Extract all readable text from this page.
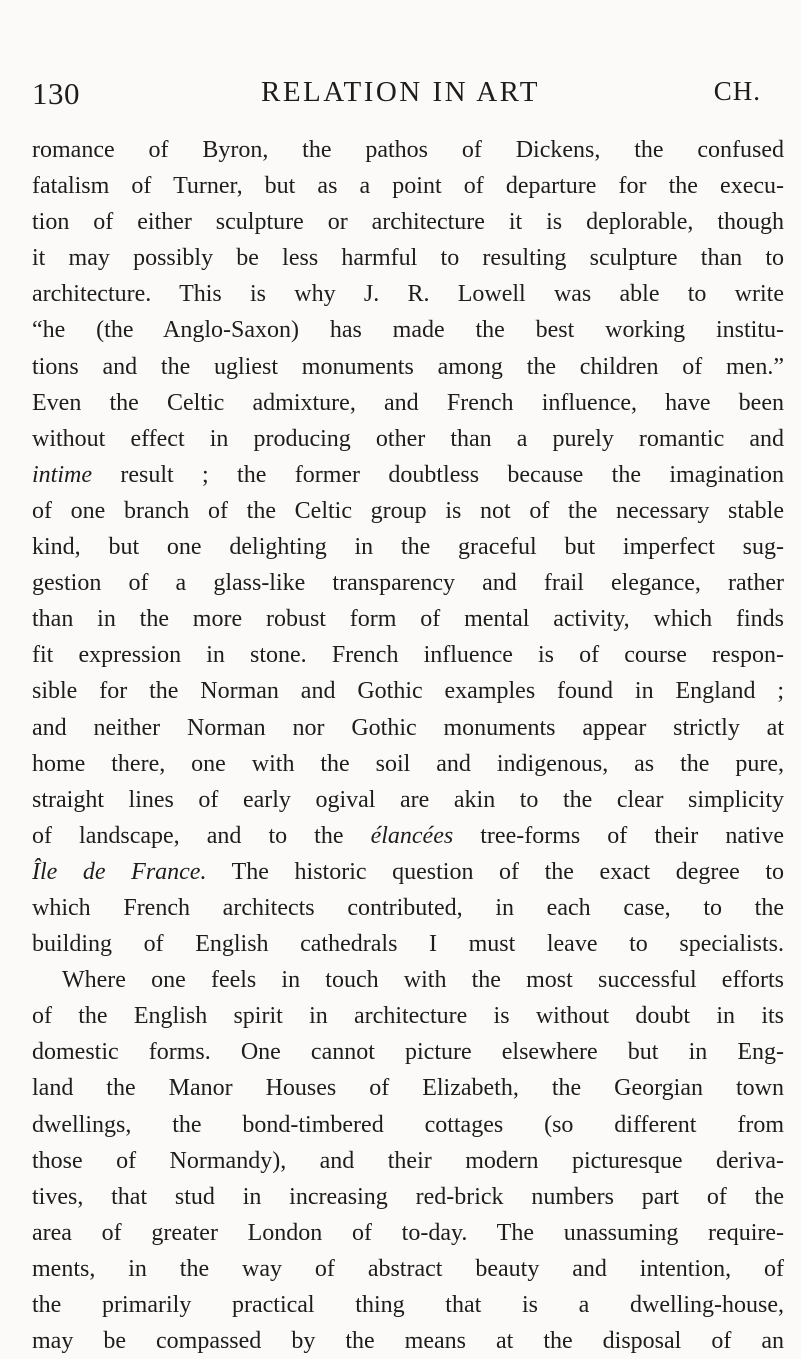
130	RELATION IN ART	CH.
romance of Byron, the pathos of Dickens, the confused
fatalism of Turner, but as a point of departure for the execu-
tion of either sculpture or architecture it is deplorable, though
it may possibly be less harmful to resulting sculpture than to
architecture. This is why J. R. Lowell was able to write
“he (the Anglo-Saxon) has made the best working institu-
tions and the ugliest monuments among the children of men.”
Even the Celtic admixture, and French influence, have been
without effect in producing other than a purely romantic and
intime result ; the former doubtless because the imagination
of one branch of the Celtic group is not of the necessary stable
kind, but one delighting in the graceful but imperfect sug-
gestion of a glass-like transparency and frail elegance, rather
than in the more robust form of mental activity, which finds
fit expression in stone. French influence is of course respon-
sible for the Norman and Gothic examples found in England ;
and neither Norman nor Gothic monuments appear strictly at
home there, one with the soil and indigenous, as the pure,
straight lines of early ogival are akin to the clear simplicity
of landscape, and to the élancées tree-forms of their native
Île de France. The historic question of the exact degree to
which French architects contributed, in each case, to the
building of English cathedrals I must leave to specialists.
Where one feels in touch with the most successful efforts
of the English spirit in architecture is without doubt in its
domestic forms. One cannot picture elsewhere but in Eng-
land the Manor Houses of Elizabeth, the Georgian town
dwellings, the bond-timbered cottages (so different from
those of Normandy), and their modern picturesque deriva-
tives, that stud in increasing red-brick numbers part of the
area of greater London of to-day. The unassuming require-
ments, in the way of abstract beauty and intention, of
the primarily practical thing that is a dwelling-house,
may be compassed by the means at the disposal of an
